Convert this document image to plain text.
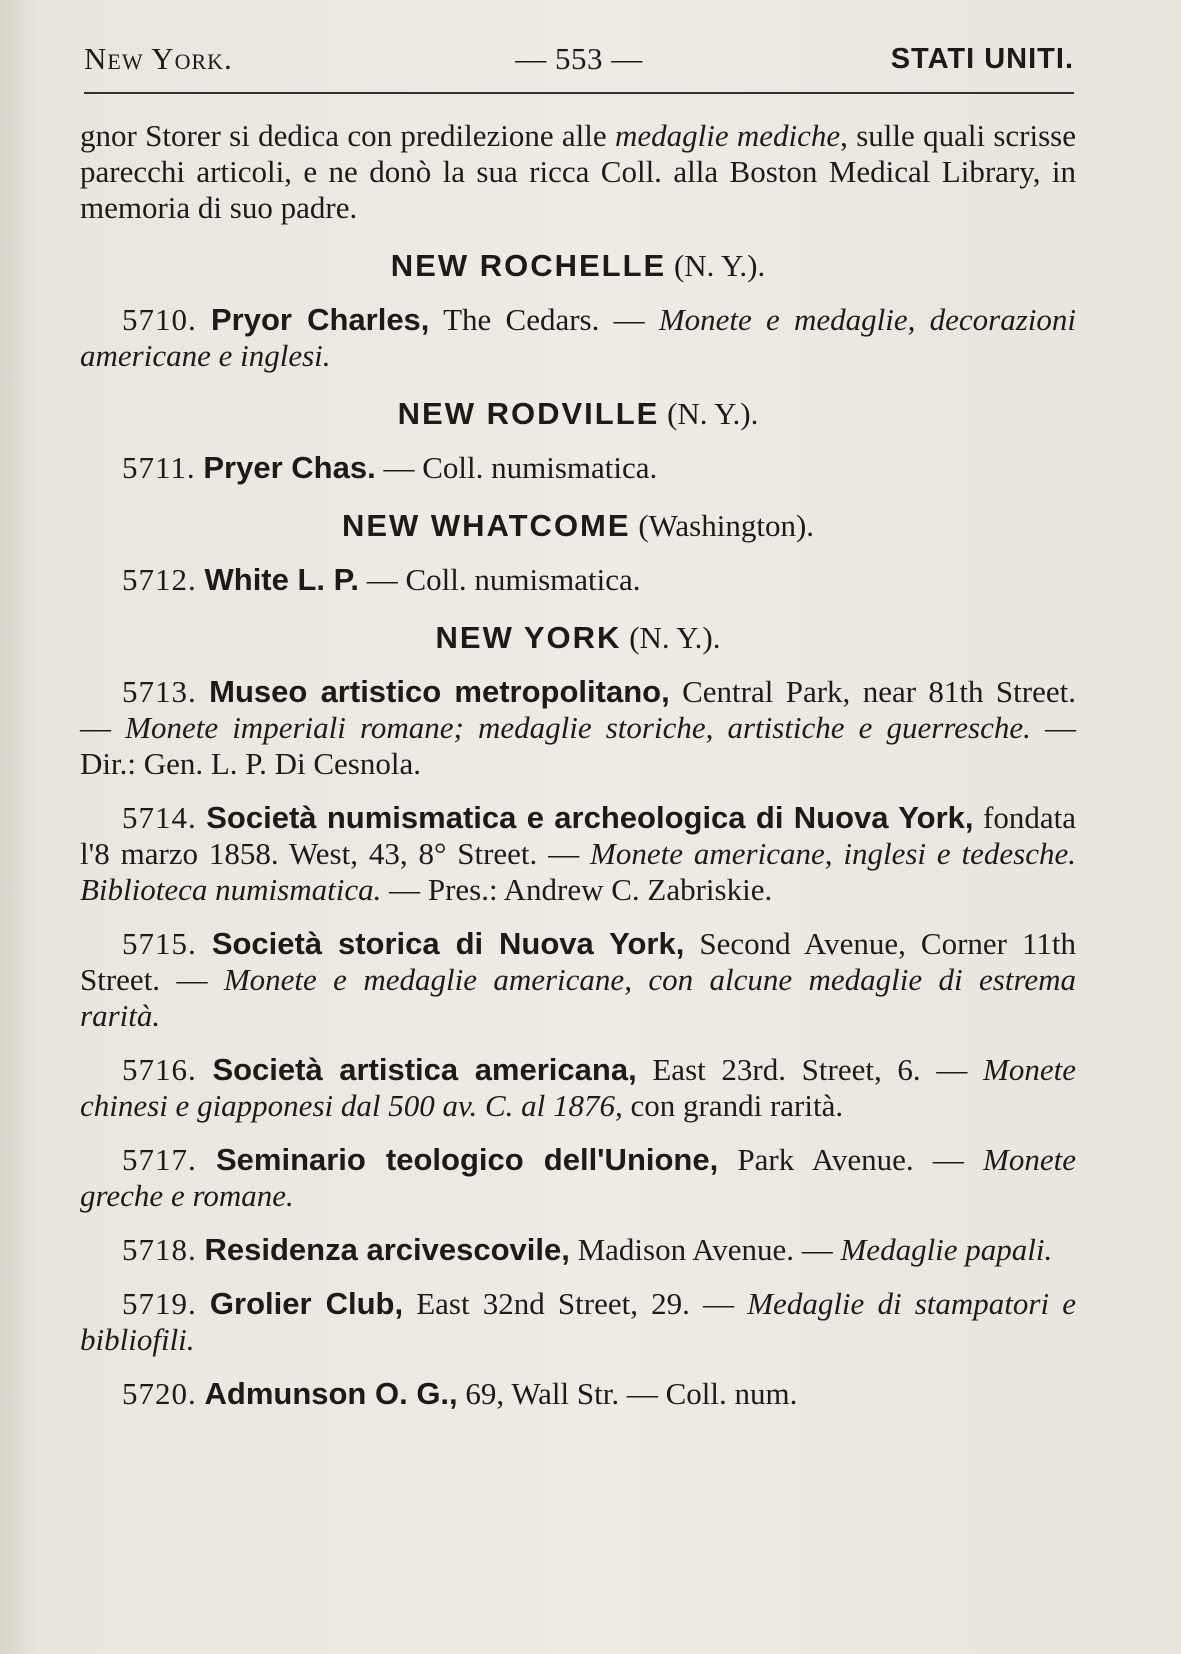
New York.	— 553 —	STATI UNITI.

gnor Storer si dedica con predilezione alle medaglie mediche, sulle quali scrisse parecchi articoli, e ne donò la sua ricca Coll. alla Boston Medical Library, in memoria di suo padre.

NEW ROCHELLE (N. Y.).

5710. Pryor Charles, The Cedars. — Monete e medaglie, decorazioni americane e inglesi.

NEW RODVILLE (N. Y.).

5711. Pryer Chas. — Coll. numismatica.

NEW WHATCOME (Washington).

5712. White L. P. — Coll. numismatica.

NEW YORK (N. Y.).

5713. Museo artistico metropolitano, Central Park, near 81th Street. — Monete imperiali romane; medaglie storiche, artistiche e guerresche. — Dir.: Gen. L. P. Di Cesnola.

5714. Società numismatica e archeologica di Nuova York, fondata l'8 marzo 1858. West, 43, 8° Street. — Monete americane, inglesi e tedesche. Biblioteca numismatica. — Pres.: Andrew C. Zabriskie.

5715. Società storica di Nuova York, Second Avenue, Corner 11th Street. — Monete e medaglie americane, con alcune medaglie di estrema rarità.

5716. Società artistica americana, East 23rd. Street, 6. — Monete chinesi e giapponesi dal 500 av. C. al 1876, con grandi rarità.

5717. Seminario teologico dell'Unione, Park Avenue. — Monete greche e romane.

5718. Residenza arcivescovile, Madison Avenue. — Medaglie papali.

5719. Grolier Club, East 32nd Street, 29. — Medaglie di stampatori e bibliofili.

5720. Admunson O. G., 69, Wall Str. — Coll. num.
